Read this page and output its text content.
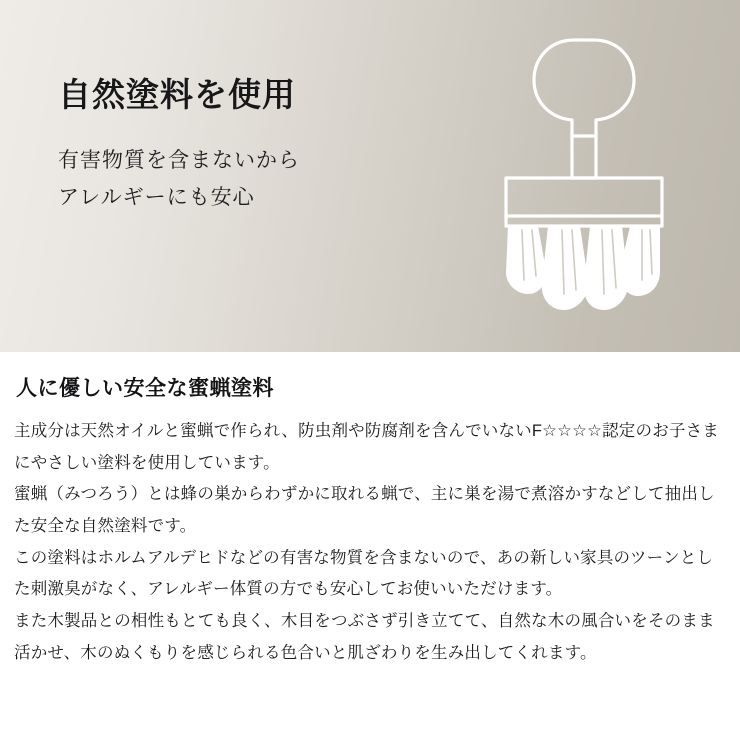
自然塗料を使用

有害物質を含まないから

アレルギーにも安心

人に優しい安全な蜜蝋塗料

主成分は天然オイルと蜜蝋で作られ、防虫剤や防腐剤を含んでいないF☆☆☆☆認定のお子さまにやさしい塗料を使用しています。

蜜蝋（みつろう）とは蜂の巣からわずかに取れる蝋で、主に巣を湯で煮溶かすなどして抽出した安全な自然塗料です。

この塗料はホルムアルデヒドなどの有害な物質を含まないので、あの新しい家具のツーンとした刺激臭がなく、アレルギー体質の方でも安心してお使いいただけます。

また木製品との相性もとても良く、木目をつぶさず引き立てて、自然な木の風合いをそのまま活かせ、木のぬくもりを感じられる色合いと肌ざわりを生み出してくれます。
